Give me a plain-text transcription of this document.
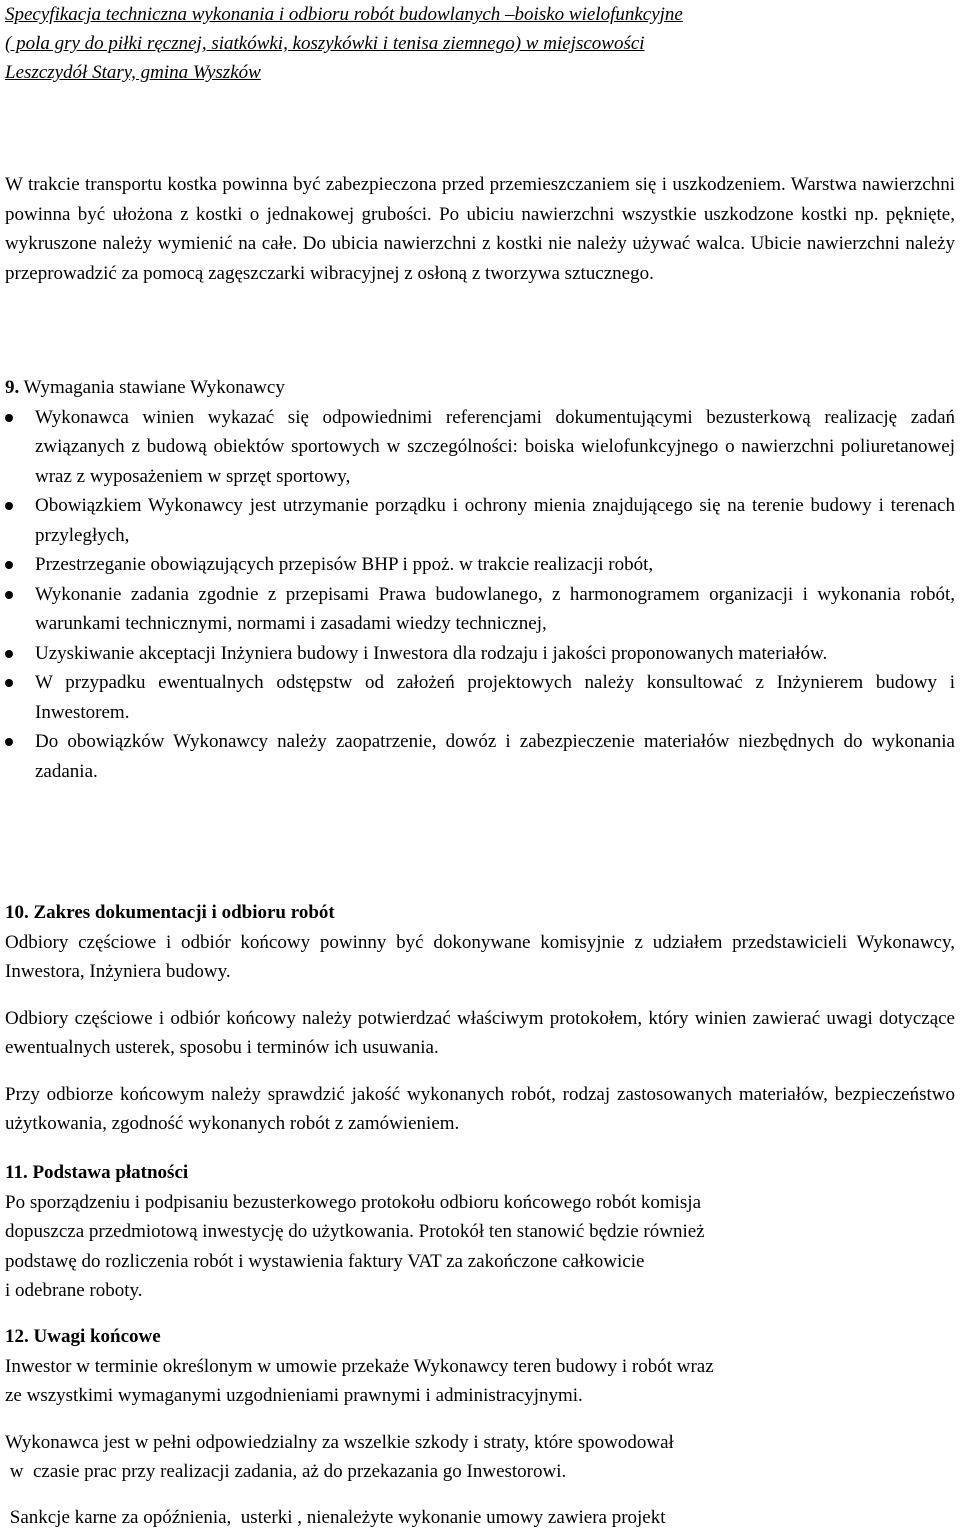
Specyfikacja techniczna wykonania i odbioru robót budowlanych –boisko wielofunkcyjne
( pola gry do piłki ręcznej, siatkówki, koszykówki i tenisa ziemnego) w miejscowości
Leszczydół Stary, gmina Wyszków

W trakcie transportu kostka powinna być zabezpieczona przed przemieszczaniem się i uszkodzeniem. Warstwa nawierzchni powinna być ułożona z kostki o jednakowej grubości. Po ubiciu nawierzchni wszystkie uszkodzone kostki np. pęknięte, wykruszone należy wymienić na całe. Do ubicia nawierzchni z kostki nie należy używać walca. Ubicie nawierzchni należy przeprowadzić za pomocą zagęszczarki wibracyjnej z osłoną z tworzywa sztucznego.

9. Wymagania stawiane Wykonawcy
Wykonawca winien wykazać się odpowiednimi referencjami dokumentującymi bezusterkową realizację zadań związanych z budową obiektów sportowych w szczególności: boiska wielofunkcyjnego o nawierzchni poliuretanowej wraz z wyposażeniem w sprzęt sportowy,
Obowiązkiem Wykonawcy jest utrzymanie porządku i ochrony mienia znajdującego się na terenie budowy i terenach przyległych,
Przestrzeganie obowiązujących przepisów BHP i ppoż. w trakcie realizacji robót,
Wykonanie zadania zgodnie z przepisami Prawa budowlanego, z harmonogramem organizacji i wykonania robót, warunkami technicznymi, normami i zasadami wiedzy technicznej,
Uzyskiwanie akceptacji Inżyniera budowy i Inwestora dla rodzaju i jakości proponowanych materiałów.
W przypadku ewentualnych odstępstw od założeń projektowych należy konsultować z Inżynierem budowy i Inwestorem.
Do obowiązków Wykonawcy należy zaopatrzenie, dowóz i zabezpieczenie materiałów niezbędnych do wykonania zadania.
10. Zakres dokumentacji i odbioru robót

Odbiory częściowe i odbiór końcowy powinny być dokonywane komisyjnie z udziałem przedstawicieli Wykonawcy, Inwestora, Inżyniera budowy.

Odbiory częściowe i odbiór końcowy należy potwierdzać właściwym protokołem, który winien zawierać uwagi dotyczące ewentualnych usterek, sposobu i terminów ich usuwania.

Przy odbiorze końcowym należy sprawdzić jakość wykonanych robót, rodzaj zastosowanych materiałów, bezpieczeństwo użytkowania, zgodność wykonanych robót z zamówieniem.

11. Podstawa płatności
Po sporządzeniu i podpisaniu bezusterkowego protokołu odbioru końcowego robót komisja
dopuszcza przedmiotową inwestycję do użytkowania. Protokół ten stanowić będzie również
podstawę do rozliczenia robót i wystawienia faktury VAT za zakończone całkowicie
i odebrane roboty.
12. Uwagi końcowe
Inwestor w terminie określonym w umowie przekaże Wykonawcy teren budowy i robót wraz
ze wszystkimi wymaganymi uzgodnieniami prawnymi i administracyjnymi.
Wykonawca jest w pełni odpowiedzialny za wszelkie szkody i straty, które spowodował
w  czasie prac przy realizacji zadania, aż do przekazania go Inwestorowi.
Sankcje karne za opóźnienia,  usterki , nienależyte wykonanie umowy zawiera projekt
